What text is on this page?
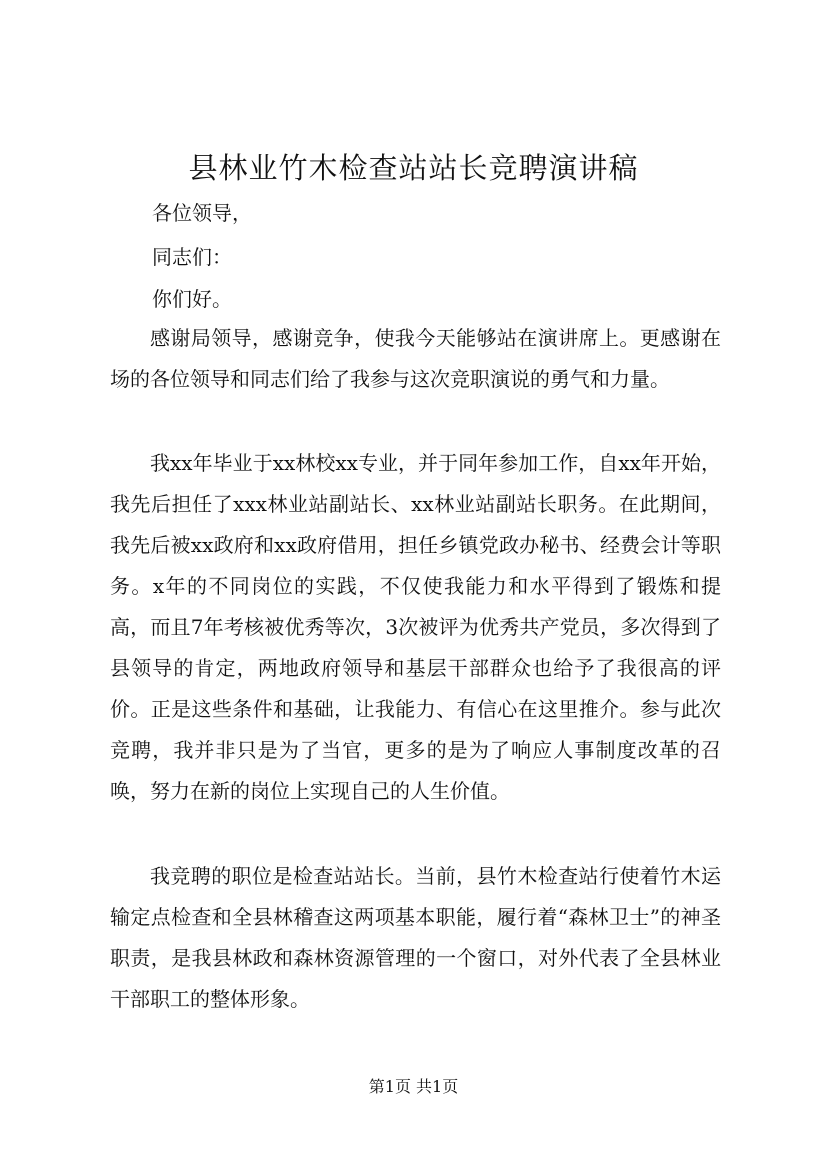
县林业竹木检查站站长竞聘演讲稿

各位领导，

同志们：

你们好。

感谢局领导，感谢竞争，使我今天能够站在演讲席上。更感谢在场的各位领导和同志们给了我参与这次竞职演说的勇气和力量。

我xx年毕业于xx林校xx专业，并于同年参加工作，自xx年开始，我先后担任了xxx林业站副站长、xx林业站副站长职务。在此期间，我先后被xx政府和xx政府借用，担任乡镇党政办秘书、经费会计等职务。x年的不同岗位的实践，不仅使我能力和水平得到了锻炼和提高，而且7年考核被优秀等次，3次被评为优秀共产党员，多次得到了县领导的肯定，两地政府领导和基层干部群众也给予了我很高的评价。正是这些条件和基础，让我能力、有信心在这里推介。参与此次竞聘，我并非只是为了当官，更多的是为了响应人事制度改革的召唤，努力在新的岗位上实现自己的人生价值。

我竞聘的职位是检查站站长。当前，县竹木检查站行使着竹木运输定点检查和全县林稽查这两项基本职能，履行着“森林卫士”的神圣职责，是我县林政和森林资源管理的一个窗口，对外代表了全县林业干部职工的整体形象。

第1页 共1页
